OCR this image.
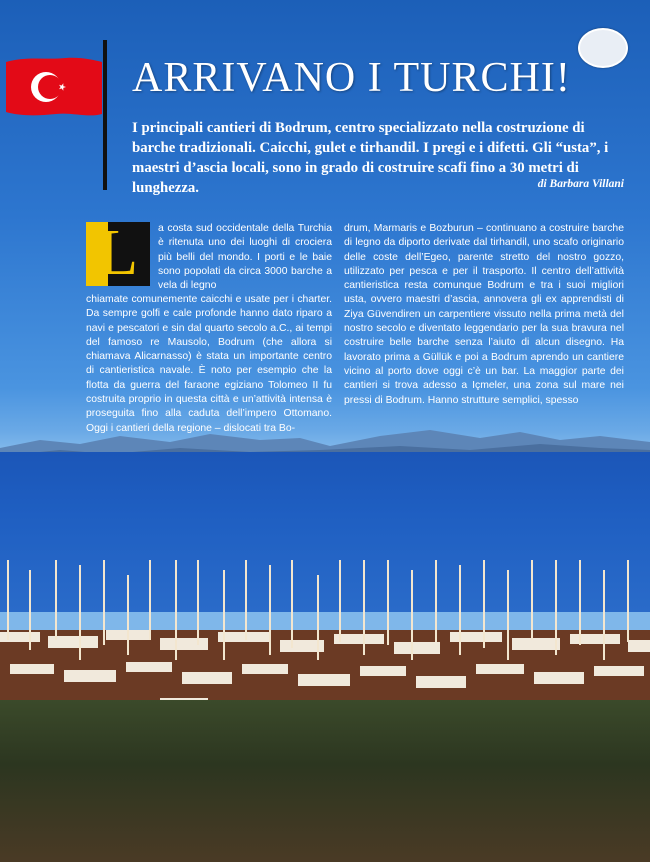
ARRIVANO I TURCHI!

I principali cantieri di Bodrum, centro specializzato nella costruzione di barche tradizionali. Caicchi, gulet e tirhandil. I pregi e i difetti. Gli “usta”, i maestri d’ascia locali, sono in grado di costruire scafi fino a 30 metri di lunghezza.	di Barbara Villani
L	a costa sud occidentale della Turchia è ritenuta uno dei luoghi di crociera più belli del mondo. I porti e le baie sono popolati da circa 3000 barche a vela di legno

chiamate comunemente caicchi e usate per i charter. Da sempre golfi e cale profonde hanno dato riparo a navi e pescatori e sin dal quarto secolo a.C., ai tempi del famoso re Mausolo, Bodrum (che allora si chiamava Alicarnasso) è stata un importante centro di cantieristica navale. È noto per esempio che la flotta da guerra del faraone egiziano Tolomeo II fu costruita proprio in questa città e un’attività intensa è proseguita fino alla caduta dell’impero Ottomano. Oggi i cantieri della regione – dislocati tra Bo-

drum, Marmaris e Bozburun – continuano a costruire barche di legno da diporto derivate dal tirhandil, uno scafo originario delle coste dell’Egeo, parente stretto del nostro gozzo, utilizzato per pesca e per il trasporto. Il centro dell’attività cantieristica resta comunque Bodrum e tra i suoi migliori usta, ovvero maestri d’ascia, annovera gli ex apprendisti di Ziya Güvendiren un carpentiere vissuto nella prima metà del nostro secolo e diventato leggendario per la sua bravura nel costruire belle barche senza l’aiuto di alcun disegno. Ha lavorato prima a Güllük e poi a Bodrum aprendo un cantiere vicino al porto dove oggi c’è un bar. La maggior parte dei cantieri si trova adesso a Içmeler, una zona sul mare nei pressi di Bodrum. Hanno strutture semplici, spesso
